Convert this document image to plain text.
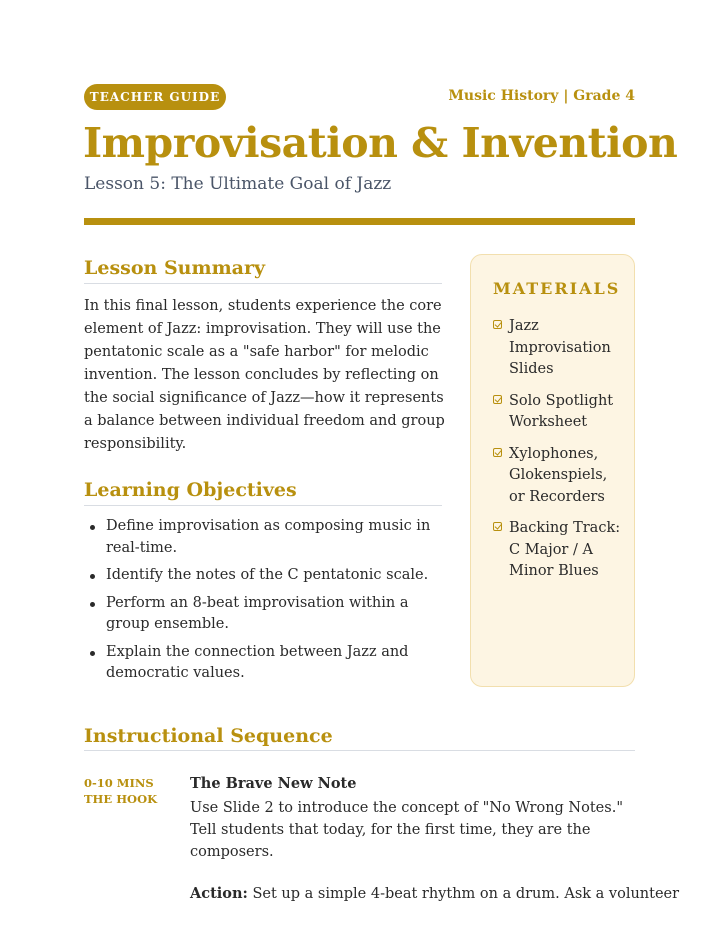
TEACHER GUIDE	Music History | Grade 4
Improvisation & Invention
Lesson 5: The Ultimate Goal of Jazz
Lesson Summary

In this final lesson, students experience the core element of Jazz: improvisation. They will use the pentatonic scale as a "safe harbor" for melodic invention. The lesson concludes by reflecting on the social significance of Jazz—how it represents a balance between individual freedom and group responsibility.

Learning Objectives
Define improvisation as composing music in real-time.
Identify the notes of the C pentatonic scale.
Perform an 8-beat improvisation within a group ensemble.
Explain the connection between Jazz and democratic values.
MATERIALS
Jazz Improvisation Slides
Solo Spotlight Worksheet
Xylophones, Glokenspiels, or Recorders
Backing Track: C Major / A Minor Blues
Instructional Sequence
0-10 MINS
THE HOOK
The Brave New Note
Use Slide 2 to introduce the concept of "No Wrong Notes." Tell students that today, for the first time, they are the composers.
Action: Set up a simple 4-beat rhythm on a drum. Ask a volunteer
